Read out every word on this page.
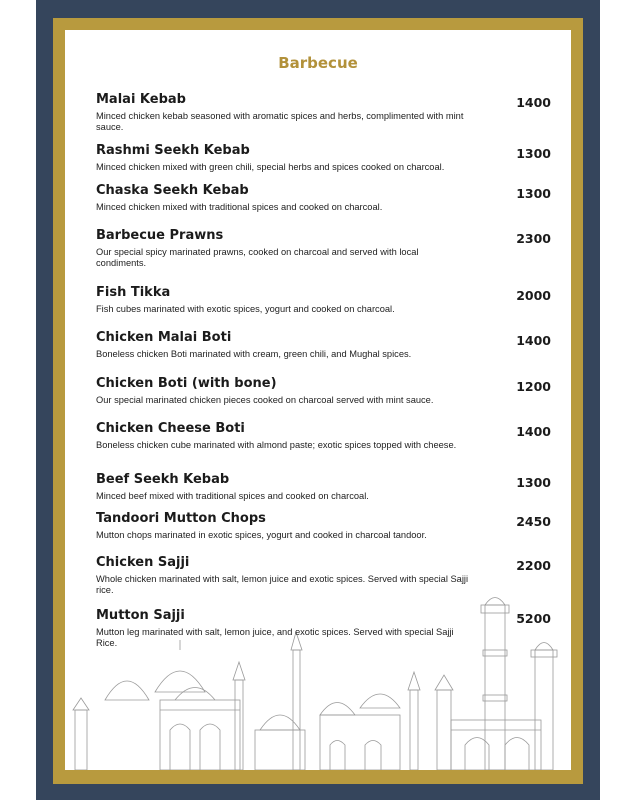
Barbecue
Malai Kebab
Minced chicken kebab seasoned with aromatic spices and herbs, complimented with mint sauce.
1400
Rashmi Seekh Kebab
Minced chicken mixed with green chili, special herbs and spices cooked on charcoal.
1300
Chaska Seekh Kebab
Minced chicken mixed with traditional spices and cooked on charcoal.
1300
Barbecue Prawns
Our special spicy marinated prawns, cooked on charcoal and served with local condiments.
2300
Fish Tikka
Fish cubes marinated with exotic spices, yogurt and cooked on charcoal.
2000
Chicken Malai Boti
Boneless chicken Boti marinated with cream, green chili, and Mughal spices.
1400
Chicken Boti (with bone)
Our special marinated chicken pieces cooked on charcoal served with mint sauce.
1200
Chicken Cheese Boti
Boneless chicken cube marinated with almond paste; exotic spices topped with cheese.
1400
Beef Seekh Kebab
Minced beef mixed with traditional spices and cooked on charcoal.
1300
Tandoori Mutton Chops
Mutton chops marinated in exotic spices, yogurt and cooked in charcoal tandoor.
2450
Chicken Sajji
Whole chicken marinated with salt, lemon juice and exotic spices. Served with special Sajji rice.
2200
Mutton Sajji
Mutton leg marinated with salt, lemon juice, and exotic spices. Served with special Sajji Rice.
5200
